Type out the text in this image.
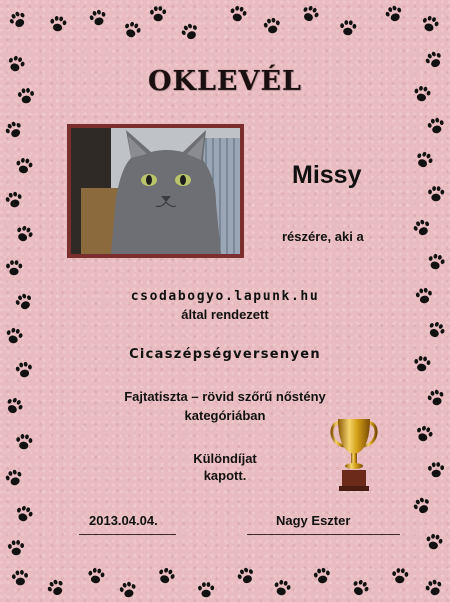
OKLEVÉL
Missy
részére, aki a
csodabogyo.lapunk.hu
által rendezett
Cicaszépségversenyen
Fajtatiszta – rövid szőrű nőstény
kategóriában
Különdíjat
kapott.
2013.04.04.	Nagy Eszter
